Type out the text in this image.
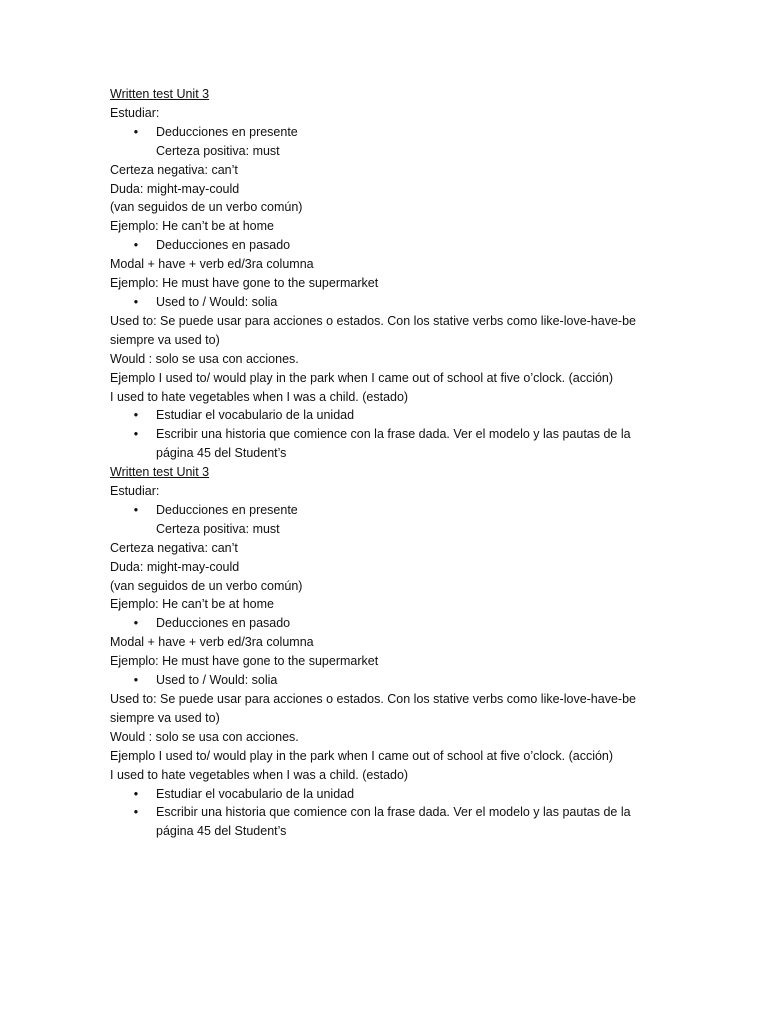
Written test Unit 3
Estudiar:
• Deducciones en presente
Certeza positiva: must
Certeza negativa: can’t
Duda: might-may-could
(van seguidos de un verbo común)
Ejemplo: He can’t be at home
• Deducciones en pasado
Modal + have + verb ed/3ra columna
Ejemplo: He must have gone to the supermarket
• Used to / Would: solia
Used to: Se puede usar para acciones o estados. Con los stative verbs como like-love-have-be siempre va used to)
Would : solo se usa con acciones.
Ejemplo I used to/ would play in the park when I came out of school at five o’clock. (acción)
I used to hate vegetables when I was a child. (estado)
• Estudiar el vocabulario de la unidad
• Escribir una historia que comience con la frase dada. Ver el modelo y las pautas de la página 45 del Student’s
Written test Unit 3
Estudiar:
• Deducciones en presente
Certeza positiva: must
Certeza negativa: can’t
Duda: might-may-could
(van seguidos de un verbo común)
Ejemplo: He can’t be at home
• Deducciones en pasado
Modal + have + verb ed/3ra columna
Ejemplo: He must have gone to the supermarket
• Used to / Would: solia
Used to: Se puede usar para acciones o estados. Con los stative verbs como like-love-have-be siempre va used to)
Would : solo se usa con acciones.
Ejemplo I used to/ would play in the park when I came out of school at five o’clock. (acción)
I used to hate vegetables when I was a child. (estado)
• Estudiar el vocabulario de la unidad
• Escribir una historia que comience con la frase dada. Ver el modelo y las pautas de la página 45 del Student’s
